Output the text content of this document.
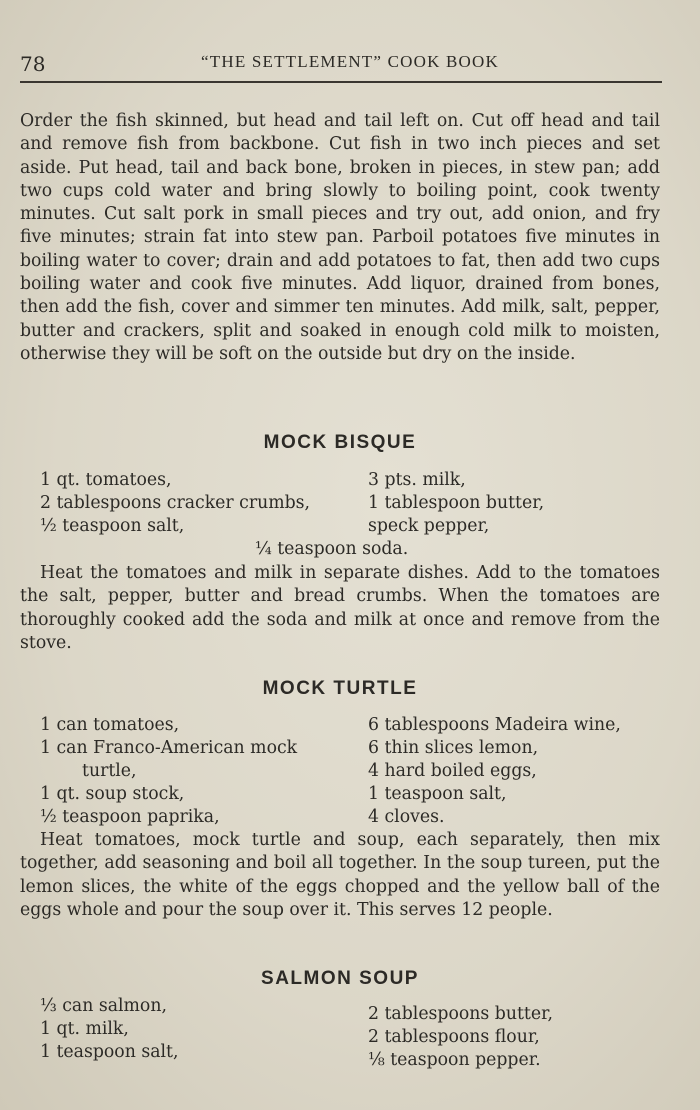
78	“THE SETTLEMENT” COOK BOOK

Order the fish skinned, but head and tail left on. Cut off head and tail and remove fish from backbone. Cut fish in two inch pieces and set aside. Put head, tail and back bone, broken in pieces, in stew pan; add two cups cold water and bring slowly to boiling point, cook twenty minutes. Cut salt pork in small pieces and try out, add onion, and fry five minutes; strain fat into stew pan. Parboil potatoes five minutes in boiling water to cover; drain and add potatoes to fat, then add two cups boiling water and cook five minutes. Add liquor, drained from bones, then add the fish, cover and simmer ten minutes. Add milk, salt, pepper, butter and crackers, split and soaked in enough cold milk to moisten, otherwise they will be soft on the outside but dry on the inside.

MOCK BISQUE
1 qt. tomatoes,
2 tablespoons cracker crumbs,
½ teaspoon salt,
3 pts. milk,
1 tablespoon butter,
speck pepper,
¼ teaspoon soda.

Heat the tomatoes and milk in separate dishes. Add to the tomatoes the salt, pepper, butter and bread crumbs. When the tomatoes are thoroughly cooked add the soda and milk at once and remove from the stove.

MOCK TURTLE
1 can tomatoes,
1 can Franco-American mock
turtle,
1 qt. soup stock,
½ teaspoon paprika,
6 tablespoons Madeira wine,
6 thin slices lemon,
4 hard boiled eggs,
1 teaspoon salt,
4 cloves.

Heat tomatoes, mock turtle and soup, each separately, then mix together, add seasoning and boil all together. In the soup tureen, put the lemon slices, the white of the eggs chopped and the yellow ball of the eggs whole and pour the soup over it. This serves 12 people.

SALMON SOUP
⅓ can salmon,
1 qt. milk,
1 teaspoon salt,
2 tablespoons butter,
2 tablespoons flour,
⅛ teaspoon pepper.
